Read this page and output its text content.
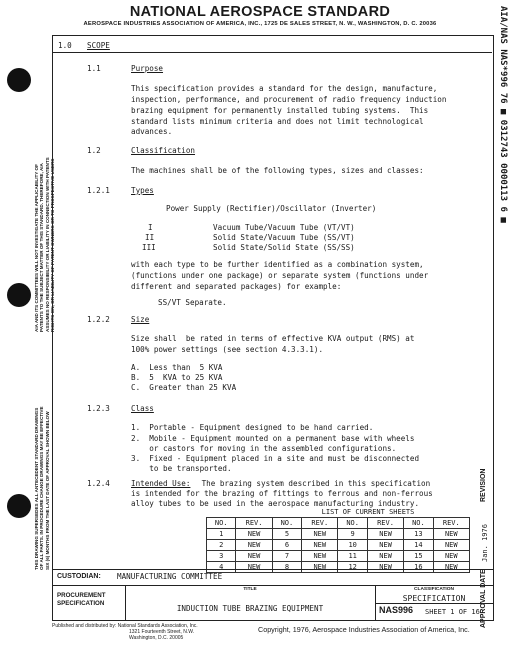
NATIONAL AEROSPACE STANDARD
AEROSPACE INDUSTRIES ASSOCIATION OF AMERICA, INC., 1725 DE SALES STREET, N. W., WASHINGTON, D. C. 20036
AIA AND ITS COMMITTEES WILL NOT INVESTIGATE THE APPLICABILITY OF PATENTS TO THE SUBJECT MATTER OF THIS STANDARD. THEREFORE, AIA ASSUMES NO RESPONSIBILITY OR LIABILITY IN CONNECTION WITH PATENTS RIGHTS ON, OR LIABILITY OF PATENT OWNERS OR TO PROSPECTIVE USERS
THIS DRAWING SUPERSEDES ALL ANTECEDENT STANDARD DRAWINGS OF ALL PARTS. IN PROCEDURE CHANGE DRAWINGS MAY BE EFFECTIVE SIX (6) MONTHS FROM THE LAST DATE OF APPROVAL SHOWN BELOW
AIA/NAS NAS*996 76 ■ 0312743 0000113 6 ■
APPROVAL DATE
Jan. 1976
REVISION
1.0 SCOPE
1.1	Purpose
This specification provides a standard for the design, manufacture,
inspection, performance, and procurement of radio frequency induction
brazing equipment for permanently installed tubing systems.  This
standard lists minimum criteria and does not limit technological
advances.
1.2	Classification
The machines shall be of the following types, sizes and classes:
1.2.1	Types
Power Supply (Rectifier)/Oscillator (Inverter)
I	Vacuum Tube/Vacuum Tube (VT/VT)
II	Solid State/Vacuum Tube (SS/VT)
III	Solid State/Solid State (SS/SS)
with each type to be further identified as a combination system,
(functions under one package) or separate system (functions under
different and separated packages) for example:
SS/VT Separate.
1.2.2	Size
Size shall  be rated in terms of effective KVA output (RMS) at
100% power settings (see section 4.3.3.1).
A.  Less than  5 KVA
B.  5  KVA to 25 KVA
C.  Greater than 25 KVA
1.2.3	Class
1.  Portable - Equipment designed to be hand carried.
2.  Mobile - Equipment mounted on a permanent base with wheels
or castors for moving in the assembled configurations.
3.  Fixed - Equipment placed in a site and must be disconnected
to be transported.
1.2.4	Intended Use: The brazing system described in this specification
is intended for the brazing of fittings to ferrous and non-ferrous
alloy tubes to be used in the aerospace manufacturing industry.
LIST OF CURRENT SHEETS
NO.	REV.	NO.	REV.	NO.	REV.	NO.	REV.
1	NEW	5	NEW	9	NEW	13	NEW
2	NEW	6	NEW	10	NEW	14	NEW
3	NEW	7	NEW	11	NEW	15	NEW
4	NEW	8	NEW	12	NEW	16	NEW
CUSTODIAN: MANUFACTURING COMMITTEE
PROCUREMENT SPECIFICATION
TITLE
INDUCTION TUBE BRAZING EQUIPMENT
CLASSIFICATION
SPECIFICATION
NAS996 SHEET 1 OF 16
Published and distributed by: National Standards Association, Inc.
1321 Fourteenth Street, N.W.
Washington, D.C. 20005
Copyright, 1976, Aerospace Industries Association of America, Inc.
